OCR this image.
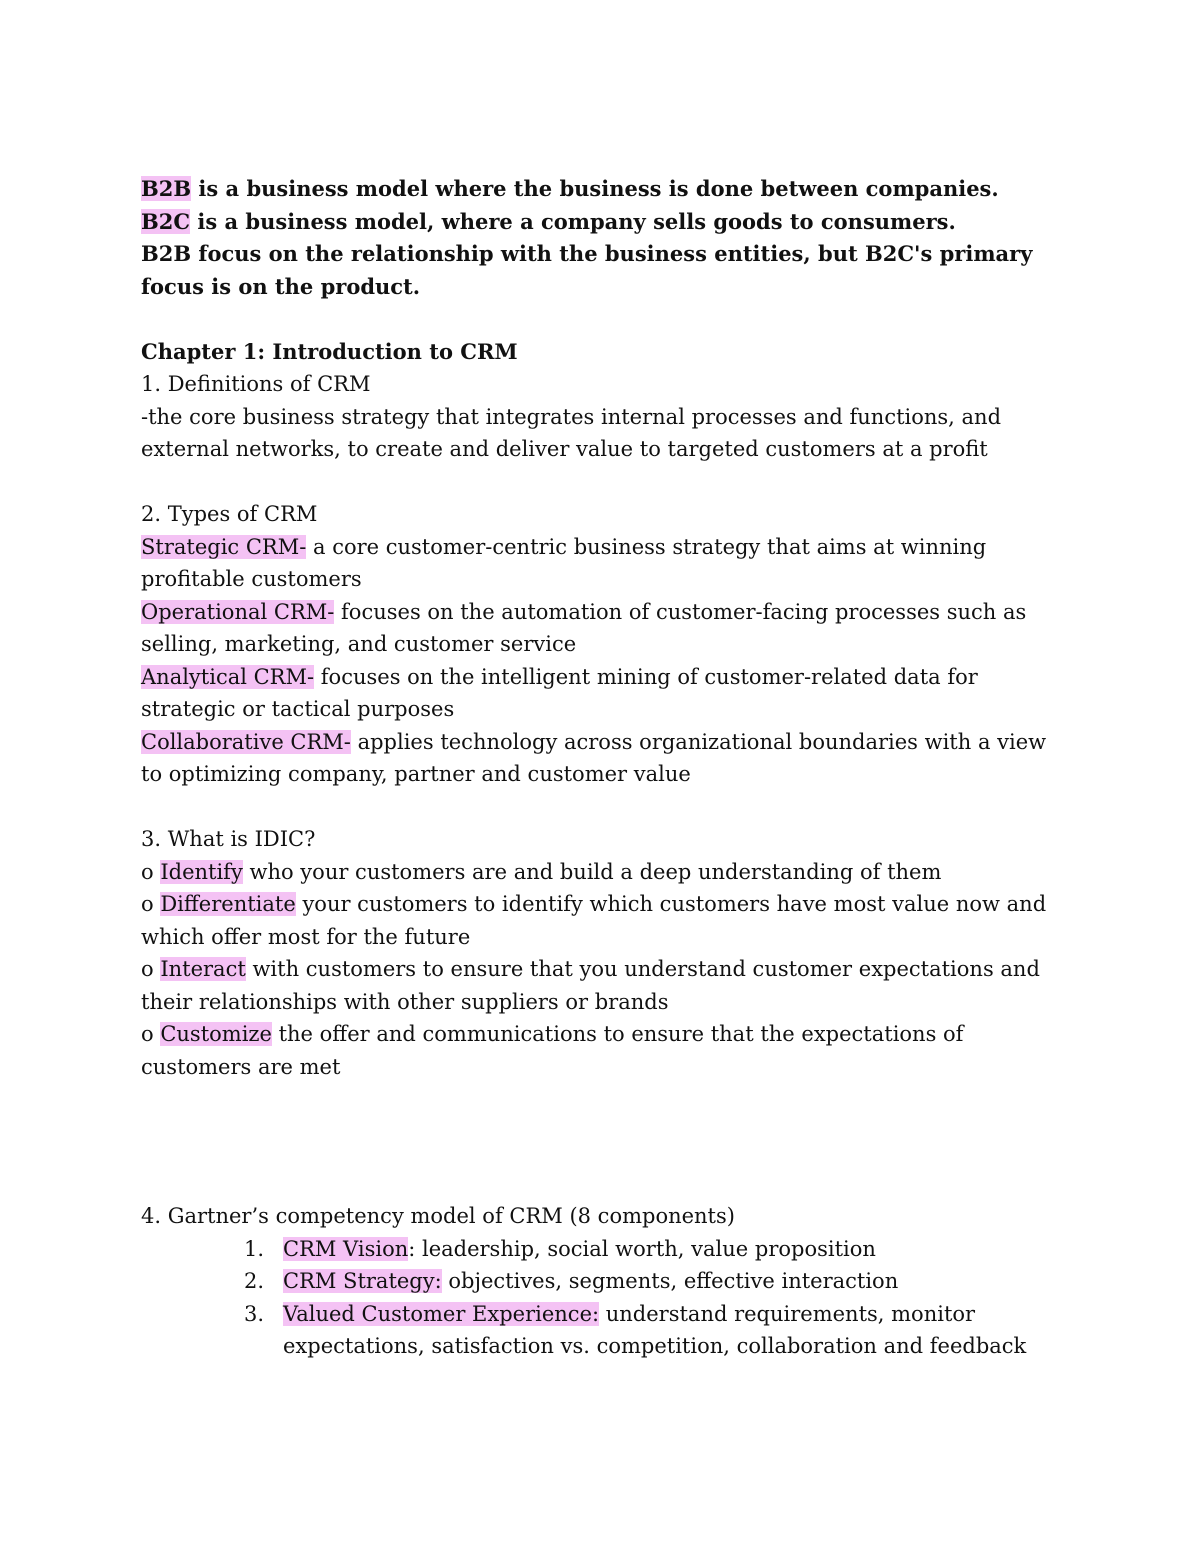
B2B is a business model where the business is done between companies.

B2C is a business model, where a company sells goods to consumers.

B2B focus on the relationship with the business entities, but B2C's primary focus is on the product.

Chapter 1: Introduction to CRM

1. Definitions of CRM

-the core business strategy that integrates internal processes and functions, and external networks, to create and deliver value to targeted customers at a profit

2. Types of CRM

Strategic CRM- a core customer-centric business strategy that aims at winning profitable customers

Operational CRM- focuses on the automation of customer-facing processes such as selling, marketing, and customer service

Analytical CRM- focuses on the intelligent mining of customer-related data for strategic or tactical purposes

Collaborative CRM- applies technology across organizational boundaries with a view to optimizing company, partner and customer value

3. What is IDIC?

o Identify who your customers are and build a deep understanding of them

o Differentiate your customers to identify which customers have most value now and which offer most for the future

o Interact with customers to ensure that you understand customer expectations and their relationships with other suppliers or brands

o Customize the offer and communications to ensure that the expectations of customers are met

4. Gartner’s competency model of CRM (8 components)

1. CRM Vision: leadership, social worth, value proposition
2. CRM Strategy: objectives, segments, effective interaction
3. Valued Customer Experience: understand requirements, monitor expectations, satisfaction vs. competition, collaboration and feedback
